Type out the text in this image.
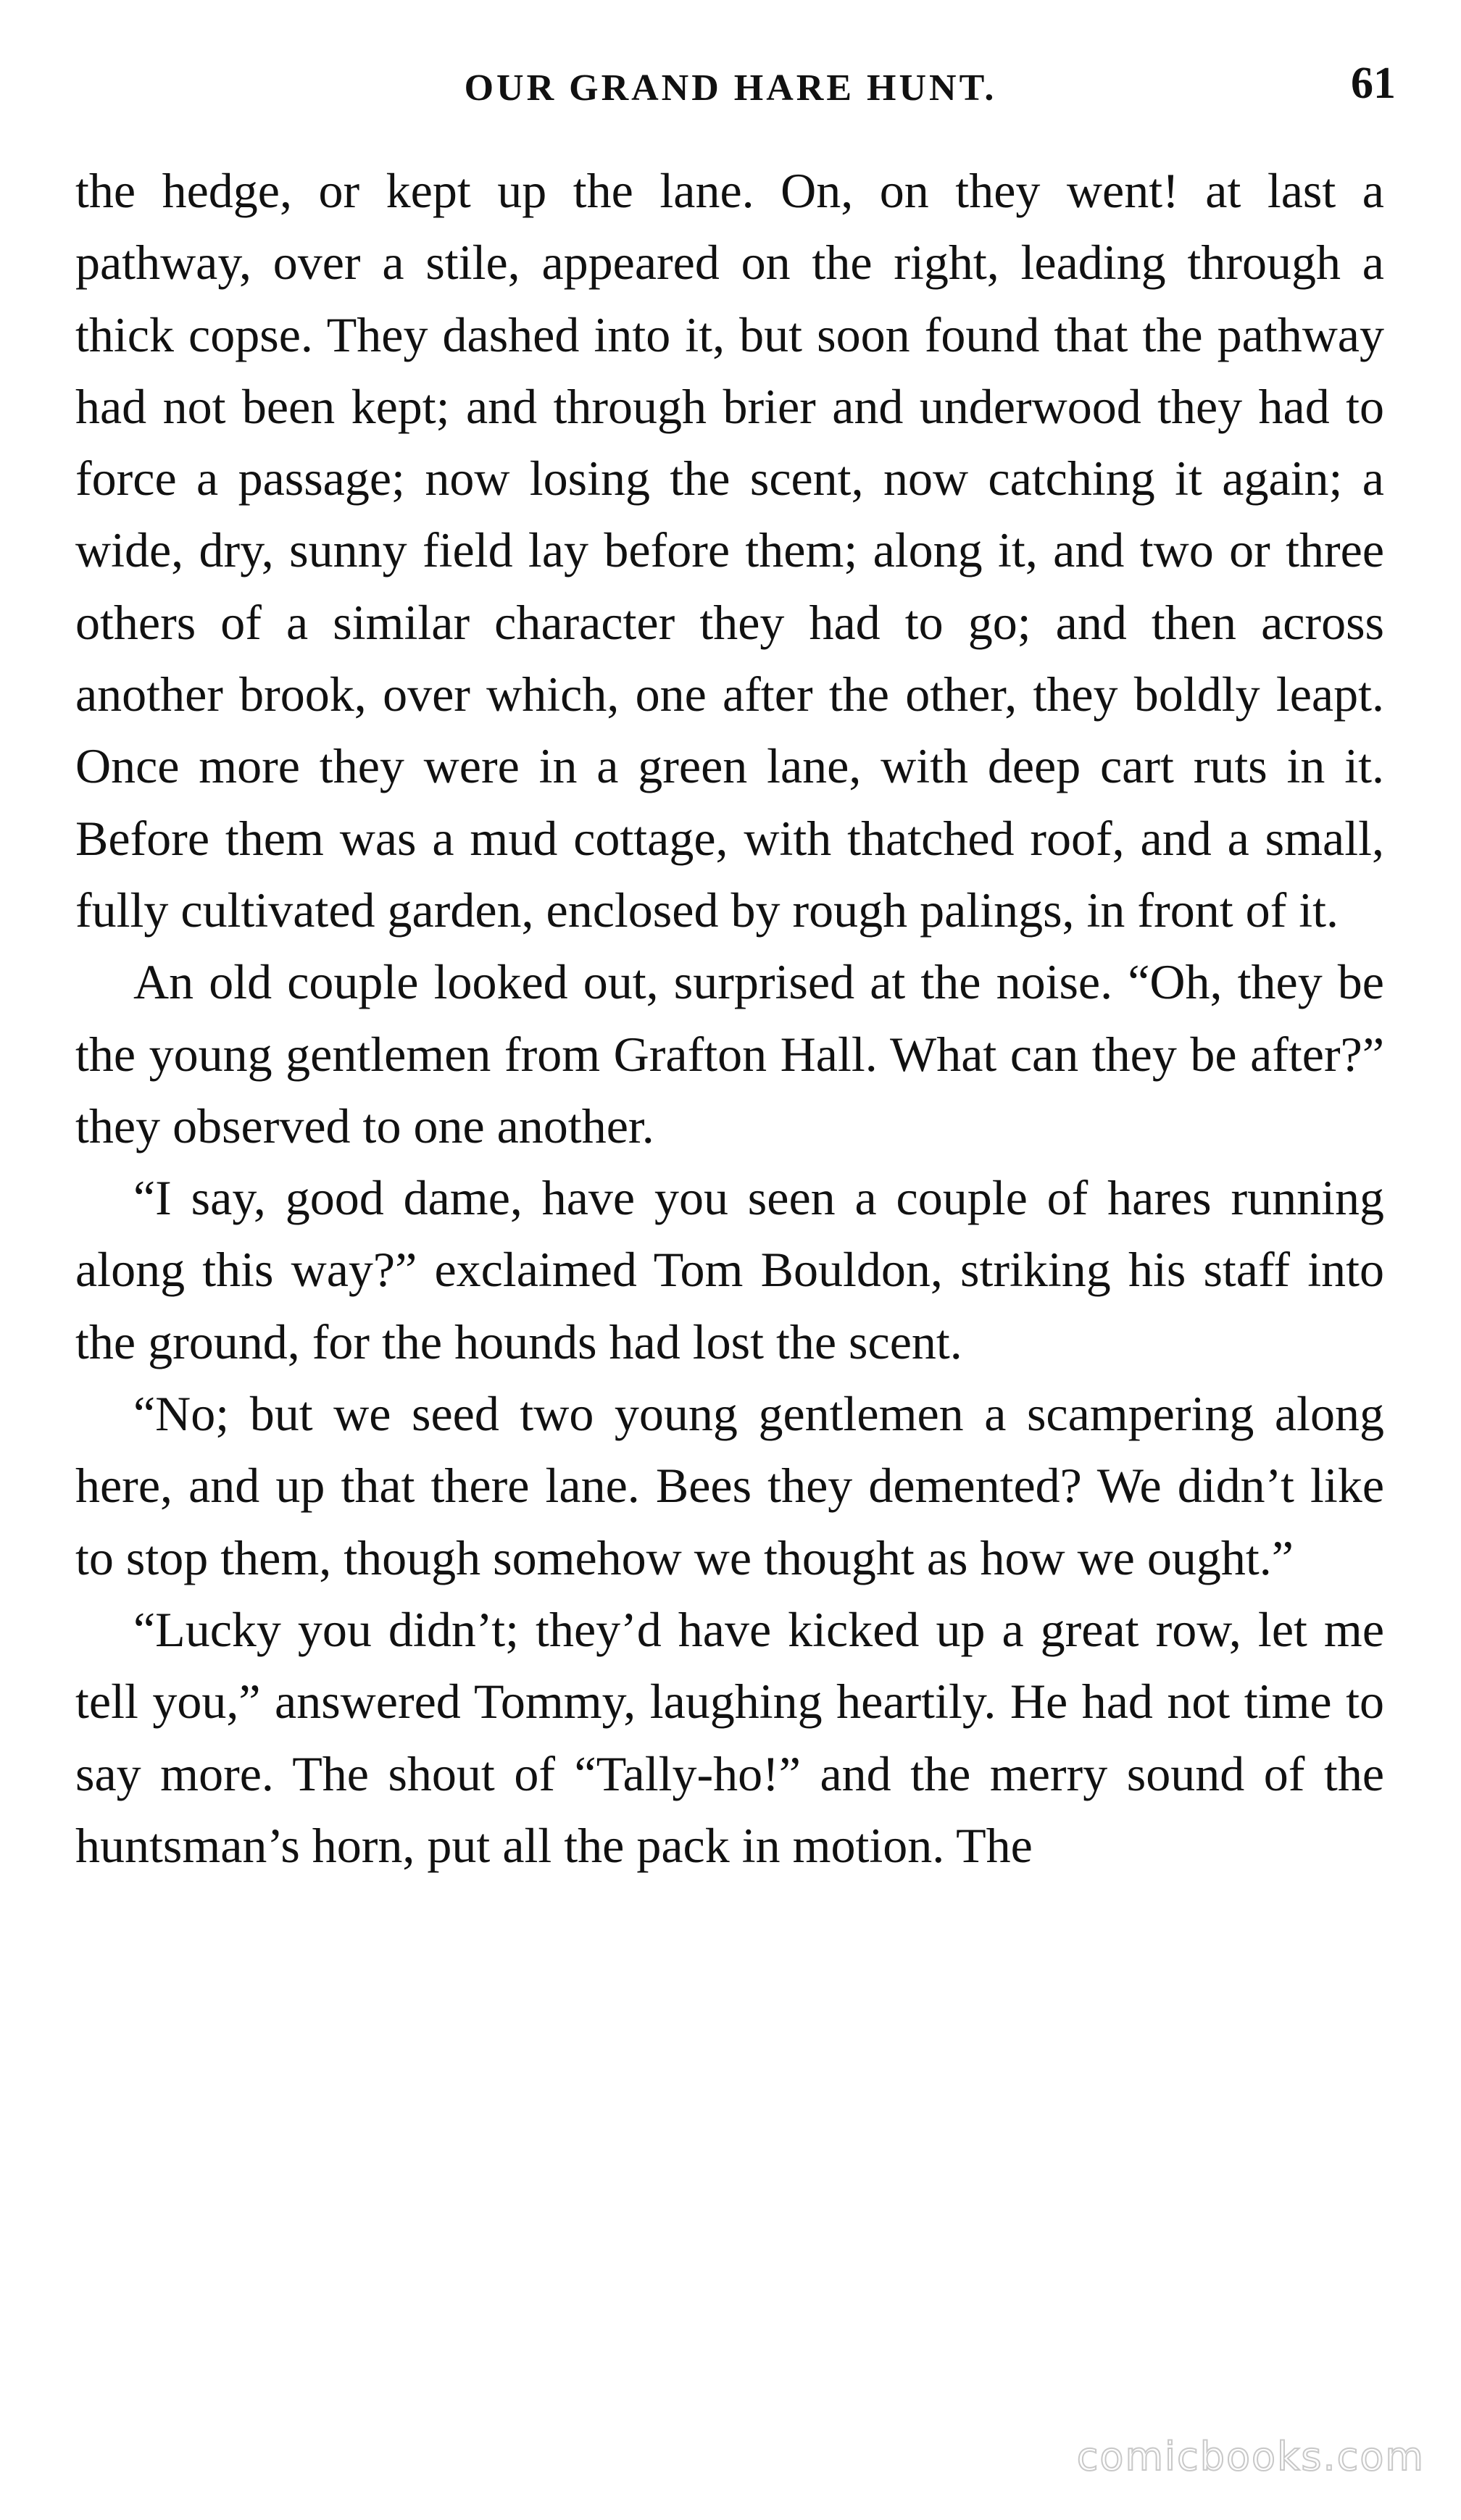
OUR GRAND HARE HUNT.	61

the hedge, or kept up the lane. On, on they went! at last a pathway, over a stile, appeared on the right, leading through a thick copse. They dashed into it, but soon found that the pathway had not been kept; and through brier and underwood they had to force a passage; now losing the scent, now catching it again; a wide, dry, sunny field lay before them; along it, and two or three others of a similar character they had to go; and then across another brook, over which, one after the other, they boldly leapt. Once more they were in a green lane, with deep cart ruts in it. Before them was a mud cottage, with thatched roof, and a small, fully cultivated garden, enclosed by rough palings, in front of it.

An old couple looked out, surprised at the noise. “Oh, they be the young gentlemen from Grafton Hall. What can they be after?” they observed to one another.

“I say, good dame, have you seen a couple of hares running along this way?” exclaimed Tom Bouldon, striking his staff into the ground, for the hounds had lost the scent.

“No; but we seed two young gentlemen a scampering along here, and up that there lane. Bees they demented? We didn’t like to stop them, though somehow we thought as how we ought.”

“Lucky you didn’t; they’d have kicked up a great row, let me tell you,” answered Tommy, laughing heartily. He had not time to say more. The shout of “Tally-ho!” and the merry sound of the huntsman’s horn, put all the pack in motion. The

comicbooks.com
